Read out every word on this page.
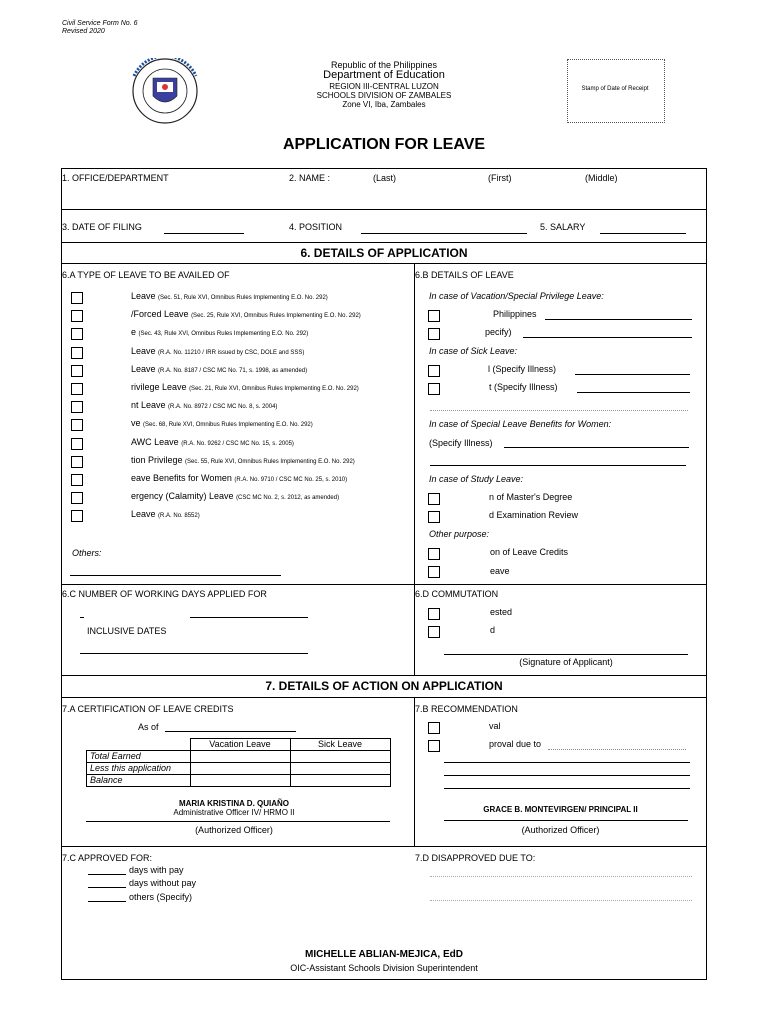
Civil Service Form No. 6
Revised 2020
Republic of the Philippines
Department of Education
REGION III-CENTRAL LUZON
SCHOOLS DIVISION OF ZAMBALES
Zone VI, Iba, Zambales
Stamp of Date of Receipt
APPLICATION FOR LEAVE
1. OFFICE/DEPARTMENT	2. NAME :	(Last)	(First)	(Middle)
3. DATE OF FILING	4. POSITION	5. SALARY
6. DETAILS OF APPLICATION
6.A TYPE OF LEAVE TO BE AVAILED OF
Leave (Sec. 51, Rule XVI, Omnibus Rules Implementing E.O. No. 292)
/Forced Leave (Sec. 25, Rule XVI, Omnibus Rules Implementing E.O. No. 292)
e (Sec. 43, Rule XVI, Omnibus Rules Implementing E.O. No. 292)
Leave (R.A. No. 11210 / IRR issued by CSC, DOLE and SSS)
Leave (R.A. No. 8187 / CSC MC No. 71, s. 1998, as amended)
rivilege Leave (Sec. 21, Rule XVI, Omnibus Rules Implementing E.O. No. 292)
nt Leave (R.A. No. 8972 / CSC MC No. 8, s. 2004)
ve (Sec. 68, Rule XVI, Omnibus Rules Implementing E.O. No. 292)
AWC Leave (R.A. No. 9262 / CSC MC No. 15, s. 2005)
tion Privilege (Sec. 55, Rule XVI, Omnibus Rules Implementing E.O. No. 292)
eave Benefits for Women (R.A. No. 9710 / CSC MC No. 25, s. 2010)
ergency (Calamity) Leave (CSC MC No. 2, s. 2012, as amended)
Leave (R.A. No. 8552)
Others:
6.B DETAILS OF LEAVE
In case of Vacation/Special Privilege Leave:
Philippines
pecify)
In case of Sick Leave:
l (Specify Illness)
t (Specify Illness)
In case of Special Leave Benefits for Women:
(Specify Illness)
In case of Study Leave:
n of Master's Degree
d Examination Review
Other purpose:
on of Leave Credits
eave
6.C NUMBER OF WORKING DAYS APPLIED FOR
INCLUSIVE DATES
6.D COMMUTATION
ested
d
(Signature of Applicant)
7. DETAILS OF ACTION ON APPLICATION
7.A CERTIFICATION OF LEAVE CREDITS
As of
	Vacation Leave	Sick Leave
Total Earned		
Less this application		
Balance		
MARIA KRISTINA D. QUIAÑO
Administrative Officer IV/ HRMO II
(Authorized Officer)
7.B RECOMMENDATION
val
proval due to
GRACE B. MONTEVIRGEN/ PRINCIPAL II
(Authorized Officer)
7.C APPROVED FOR:
days with pay
days without pay
others (Specify)
7.D DISAPPROVED DUE TO:
MICHELLE ABLIAN-MEJICA, EdD
OIC-Assistant Schools Division Superintendent
